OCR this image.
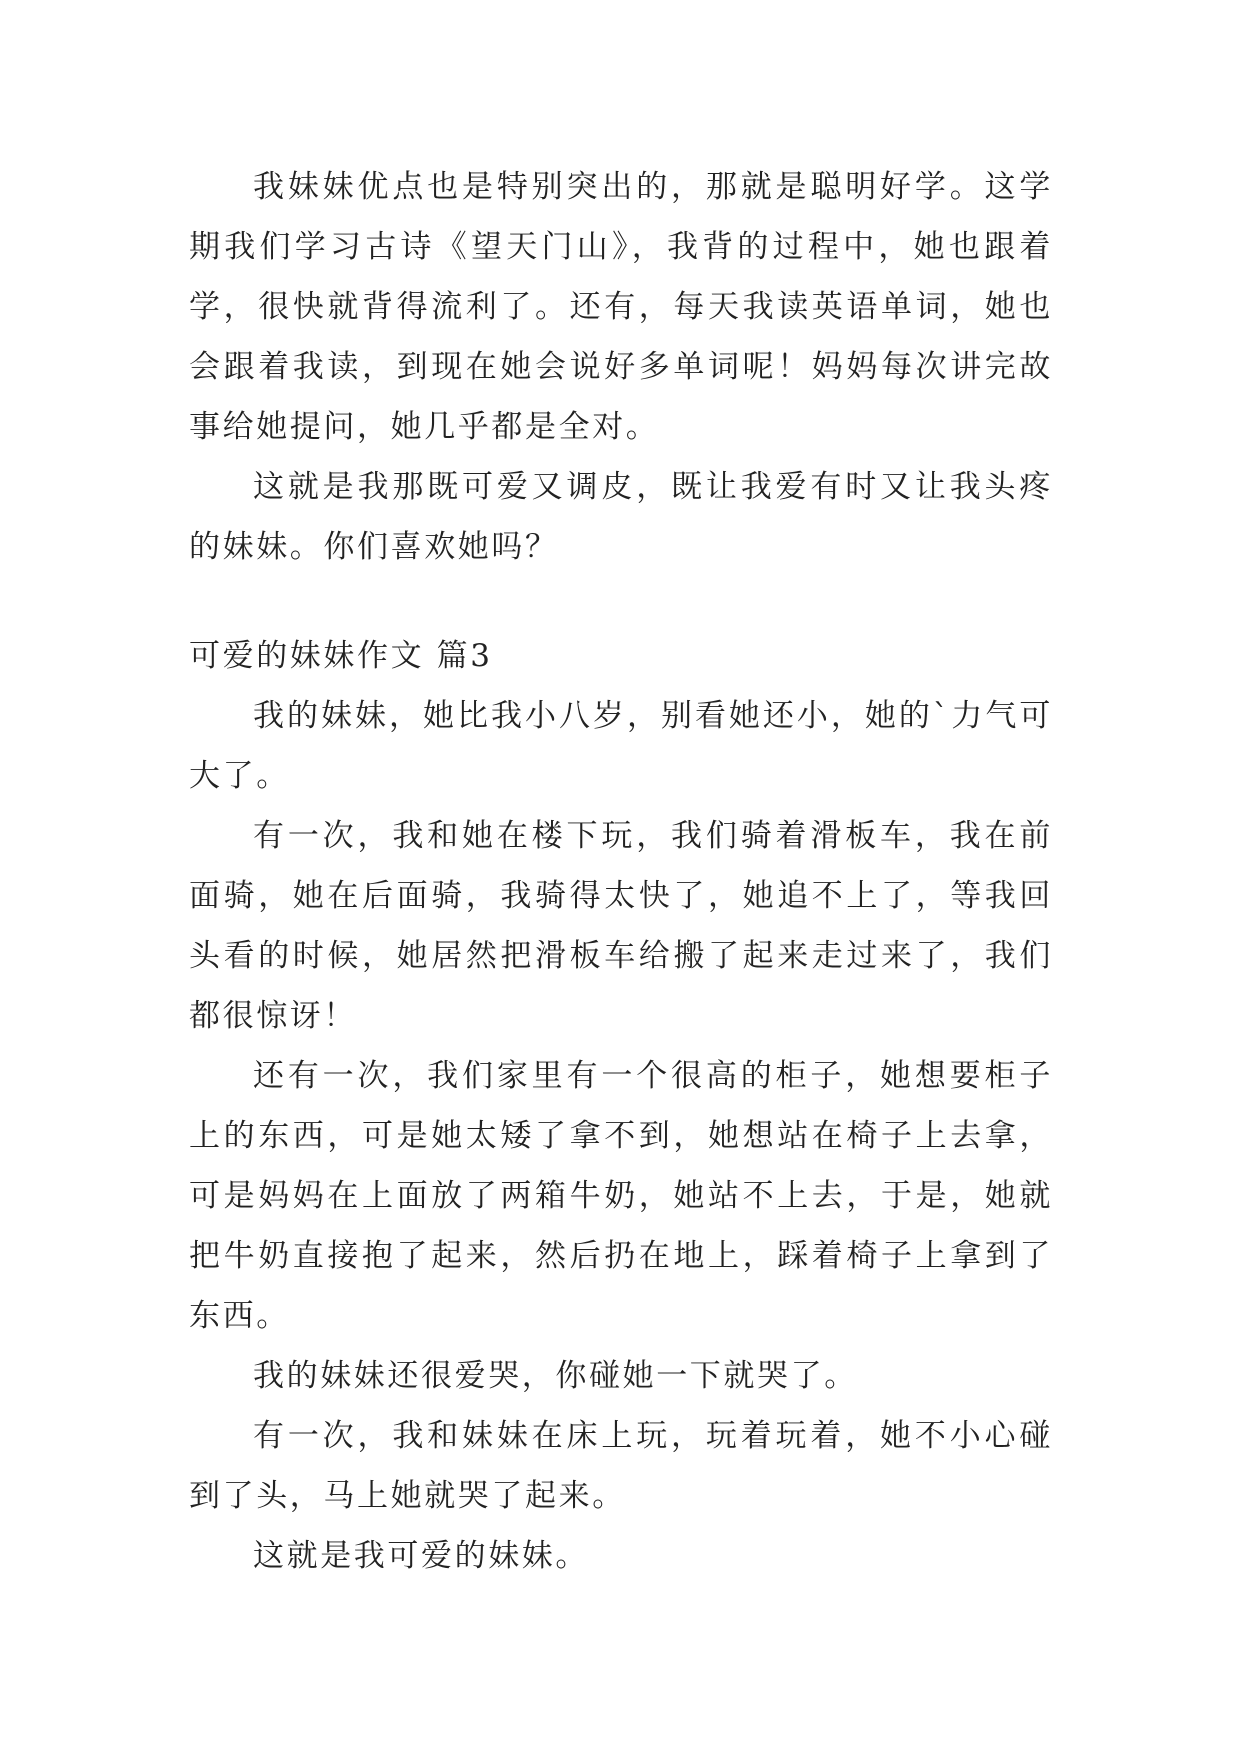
我妹妹优点也是特别突出的，那就是聪明好学。这学期我们学习古诗《望天门山》，我背的过程中，她也跟着学，很快就背得流利了。还有，每天我读英语单词，她也会跟着我读，到现在她会说好多单词呢！妈妈每次讲完故事给她提问，她几乎都是全对。

这就是我那既可爱又调皮，既让我爱有时又让我头疼的妹妹。你们喜欢她吗？

可爱的妹妹作文 篇3

我的妹妹，她比我小八岁，别看她还小，她的`力气可大了。

有一次，我和她在楼下玩，我们骑着滑板车，我在前面骑，她在后面骑，我骑得太快了，她追不上了，等我回头看的时候，她居然把滑板车给搬了起来走过来了，我们都很惊讶！

还有一次，我们家里有一个很高的柜子，她想要柜子上的东西，可是她太矮了拿不到，她想站在椅子上去拿，可是妈妈在上面放了两箱牛奶，她站不上去，于是，她就把牛奶直接抱了起来，然后扔在地上，踩着椅子上拿到了东西。

我的妹妹还很爱哭，你碰她一下就哭了。

有一次，我和妹妹在床上玩，玩着玩着，她不小心碰到了头，马上她就哭了起来。

这就是我可爱的妹妹。
